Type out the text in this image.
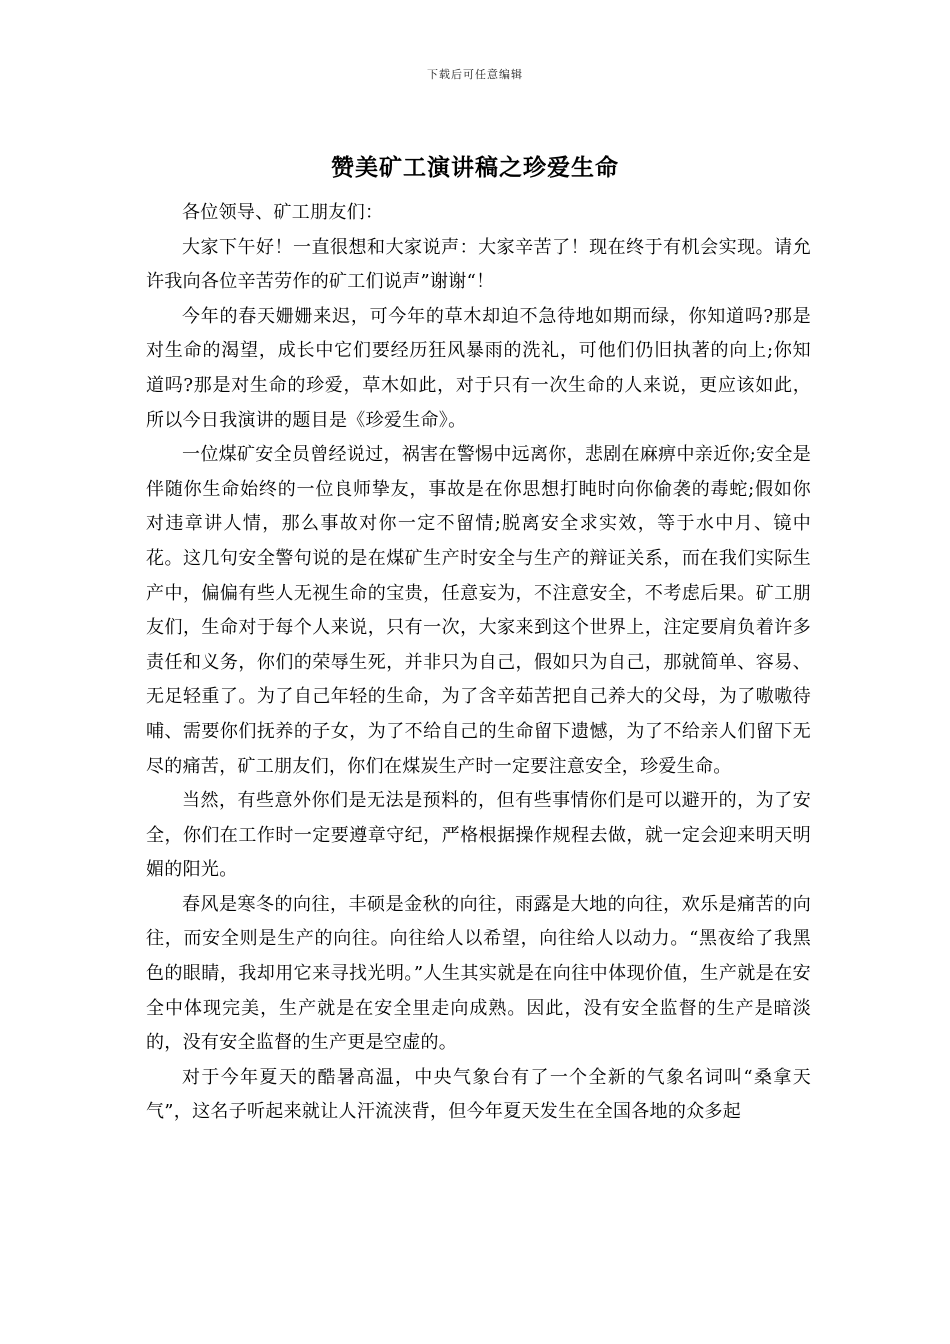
下载后可任意编辑
赞美矿工演讲稿之珍爱生命

各位领导、矿工朋友们：

大家下午好！一直很想和大家说声：大家辛苦了！现在终于有机会实现。请允许我向各位辛苦劳作的矿工们说声”谢谢“！

今年的春天姗姗来迟，可今年的草木却迫不急待地如期而绿，你知道吗?那是对生命的渴望，成长中它们要经历狂风暴雨的洗礼，可他们仍旧执著的向上;你知道吗?那是对生命的珍爱，草木如此，对于只有一次生命的人来说，更应该如此，所以今日我演讲的题目是《珍爱生命》。

一位煤矿安全员曾经说过，祸害在警惕中远离你，悲剧在麻痹中亲近你;安全是伴随你生命始终的一位良师挚友，事故是在你思想打盹时向你偷袭的毒蛇;假如你对违章讲人情，那么事故对你一定不留情;脱离安全求实效，等于水中月、镜中花。这几句安全警句说的是在煤矿生产时安全与生产的辩证关系，而在我们实际生产中，偏偏有些人无视生命的宝贵，任意妄为，不注意安全，不考虑后果。矿工朋友们，生命对于每个人来说，只有一次，大家来到这个世界上，注定要肩负着许多责任和义务，你们的荣辱生死，并非只为自己，假如只为自己，那就简单、容易、无足轻重了。为了自己年轻的生命，为了含辛茹苦把自己养大的父母，为了嗷嗷待哺、需要你们抚养的子女，为了不给自己的生命留下遗憾，为了不给亲人们留下无尽的痛苦，矿工朋友们，你们在煤炭生产时一定要注意安全，珍爱生命。

当然，有些意外你们是无法是预料的，但有些事情你们是可以避开的，为了安全，你们在工作时一定要遵章守纪，严格根据操作规程去做，就一定会迎来明天明媚的阳光。

春风是寒冬的向往，丰硕是金秋的向往，雨露是大地的向往，欢乐是痛苦的向往，而安全则是生产的向往。向往给人以希望，向往给人以动力。“黑夜给了我黑色的眼睛，我却用它来寻找光明。”人生其实就是在向往中体现价值，生产就是在安全中体现完美，生产就是在安全里走向成熟。因此，没有安全监督的生产是暗淡的，没有安全监督的生产更是空虚的。

对于今年夏天的酷暑高温，中央气象台有了一个全新的气象名词叫“桑拿天气”，这名子听起来就让人汗流浃背，但今年夏天发生在全国各地的众多起
